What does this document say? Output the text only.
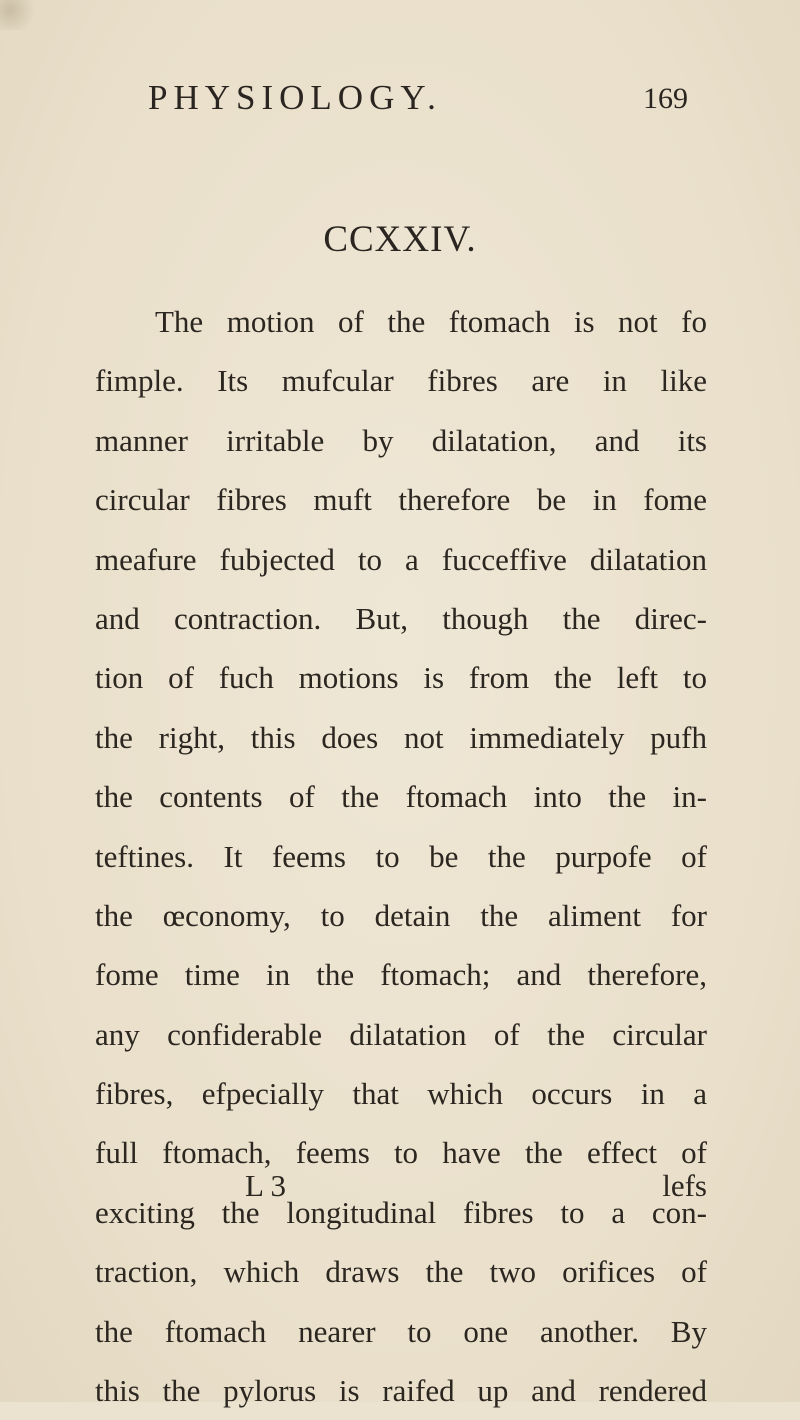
PHYSIOLOGY.	169
CCXXIV.
The motion of the ftomach is not fo
fimple. Its mufcular fibres are in like
manner irritable by dilatation, and its
circular fibres muft therefore be in fome
meafure fubjected to a fucceffive dilatation
and contraction. But, though the direc-
tion of fuch motions is from the left to
the right, this does not immediately pufh
the contents of the ftomach into the in-
teftines. It feems to be the purpofe of
the œconomy, to detain the aliment for
fome time in the ftomach; and therefore,
any confiderable dilatation of the circular
fibres, efpecially that which occurs in a
full ftomach, feems to have the effect of
exciting the longitudinal fibres to a con-
traction, which draws the two orifices of
the ftomach nearer to one another. By
this the pylorus is raifed up and rendered
L 3	lefs
